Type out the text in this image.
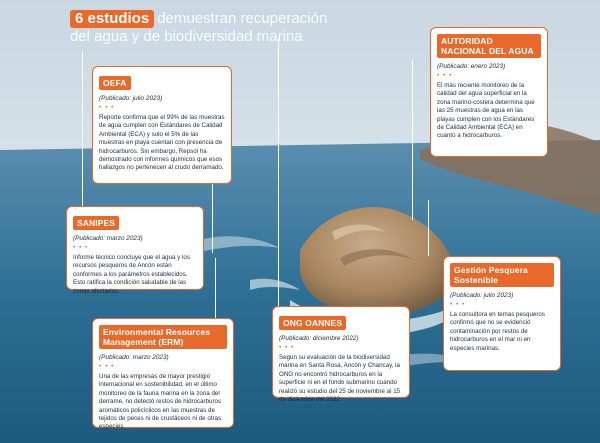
6 estudios demuestran recuperación
del agua y de biodiversidad marina
OEFA
(Publicado: julio 2023)
• • •
Reporte confirma que el 99% de las muestras de agua cumplen con Estándares de Calidad Ambiental (ECA) y solo el 5% de las muestras en playa cuentan con presencia de hidrocarburos. Sin embargo, Repsol ha demostrado con informes químicos que esos hallazgos no pertenecen al crudo derramado.
AUTORIDAD NACIONAL DEL AGUA
(Publicado: enero 2023)
• • •
El más reciente monitoreo de la calidad del agua superficial en la zona marino-costera determina que las 25 muestras de agua en las playas cumplen con los Estándares de Calidad Ambiental (ECA) en cuanto a hidrocarburos.
SANIPES
(Publicado: marzo 2023)
• • •
Informe técnico concluye que el agua y los recursos pesqueros de Ancón están conformes a los parámetros establecidos. Esto ratifica la condición saludable de las zonas afectadas.
Environmental Resources Management (ERM)
(Publicado: marzo 2023)
• • •
Una de las empresas de mayor prestigio internacional en sostenibilidad, en el último monitoreo de la fauna marina en la zona del derrame, no detectó restos de hidrocarburos aromáticos policíclicos en las muestras de tejidos de peces ni de crustáceos ni de otras especies.
ONG OANNES
(Publicado: diciembre 2022)
• • •
Según su evaluación de la biodiversidad marina en Santa Rosa, Ancón y Chancay, la ONG no encontró hidrocarburos en la superficie ni en el fondo submarino cuando realizó su estudio del 25 de noviembre al 15 de diciembre del 2022.
Gestión Pesquera Sostenible
(Publicado: julio 2023)
• • •
La consultora en temas pesqueros confirmó que no se evidenció contaminación por restos de hidrocarburos en el mar ni en especies marinas.
